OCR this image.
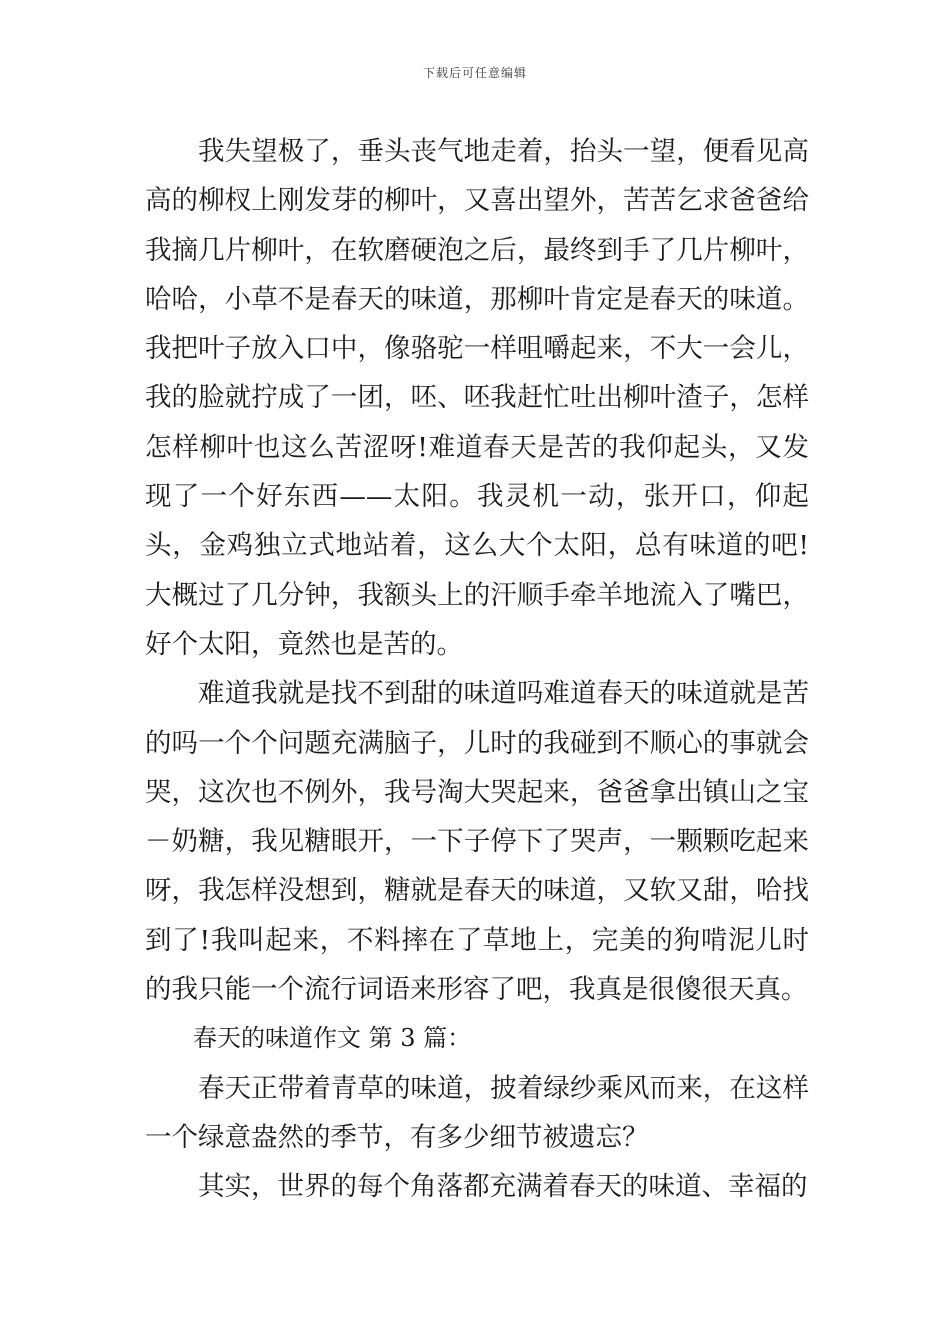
下载后可任意编辑

我失望极了，垂头丧气地走着，抬头一望，便看见高高的柳杈上刚发芽的柳叶，又喜出望外，苦苦乞求爸爸给我摘几片柳叶，在软磨硬泡之后，最终到手了几片柳叶，哈哈，小草不是春天的味道，那柳叶肯定是春天的味道。我把叶子放入口中，像骆驼一样咀嚼起来，不大一会儿，我的脸就拧成了一团，呸、呸我赶忙吐出柳叶渣子，怎样怎样柳叶也这么苦涩呀!难道春天是苦的我仰起头，又发现了一个好东西——太阳。我灵机一动，张开口，仰起头，金鸡独立式地站着，这么大个太阳，总有味道的吧!大概过了几分钟，我额头上的汗顺手牵羊地流入了嘴巴，好个太阳，竟然也是苦的。

难道我就是找不到甜的味道吗难道春天的味道就是苦的吗一个个问题充满脑子，儿时的我碰到不顺心的事就会哭，这次也不例外，我号淘大哭起来，爸爸拿出镇山之宝－奶糖，我见糖眼开，一下子停下了哭声，一颗颗吃起来呀，我怎样没想到，糖就是春天的味道，又软又甜，哈找到了!我叫起来，不料摔在了草地上，完美的狗啃泥儿时的我只能一个流行词语来形容了吧，我真是很傻很天真。

春天的味道作文 第 3 篇：

春天正带着青草的味道，披着绿纱乘风而来，在这样一个绿意盎然的季节，有多少细节被遗忘？

其实，世界的每个角落都充满着春天的味道、幸福的
